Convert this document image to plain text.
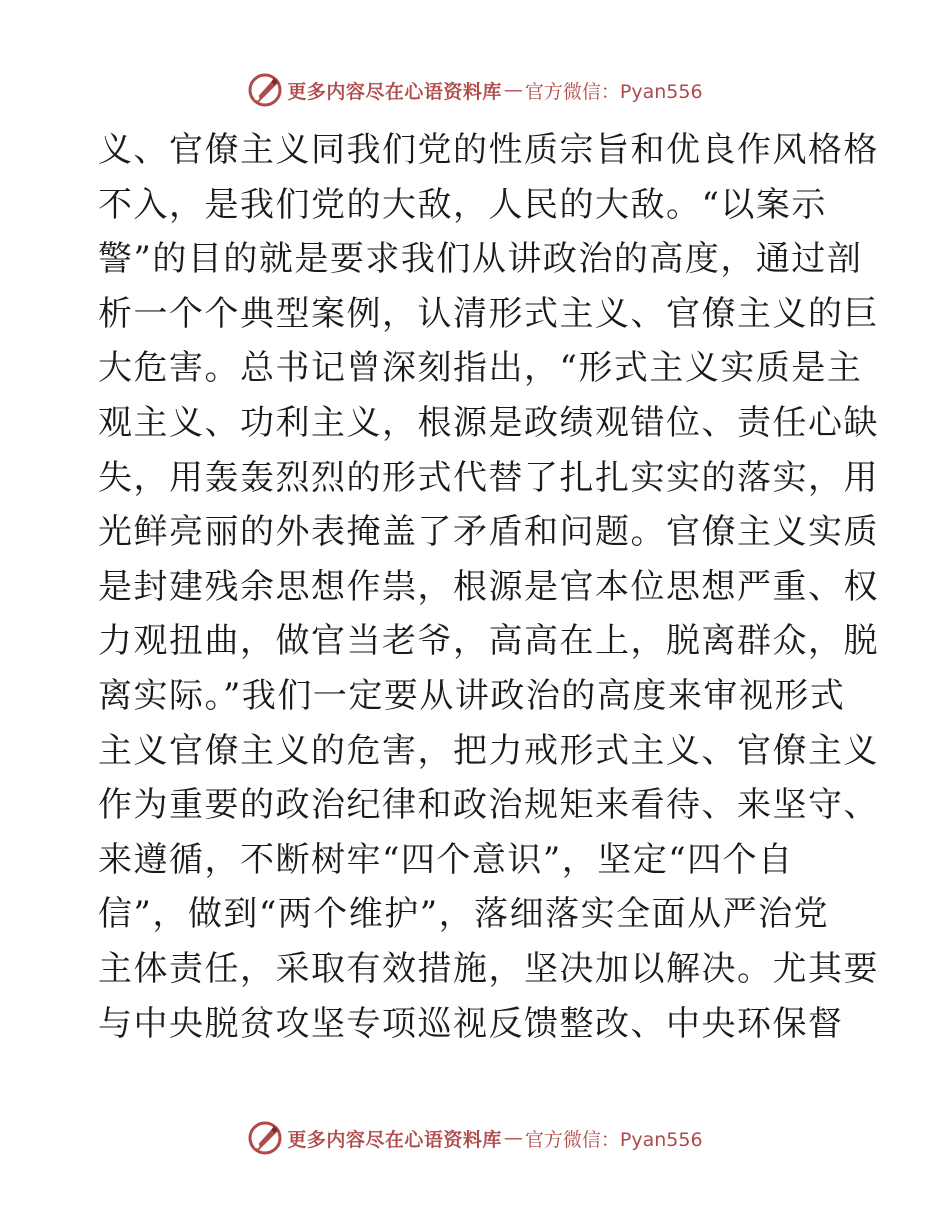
更多内容尽在心语资料库 — 官方微信：Pyan556
义、官僚主义同我们党的性质宗旨和优良作风格格
不入，是我们党的大敌，人民的大敌。“以案示
警”的目的就是要求我们从讲政治的高度，通过剖
析一个个典型案例，认清形式主义、官僚主义的巨
大危害。总书记曾深刻指出，“形式主义实质是主
观主义、功利主义，根源是政绩观错位、责任心缺
失，用轰轰烈烈的形式代替了扎扎实实的落实，用
光鲜亮丽的外表掩盖了矛盾和问题。官僚主义实质
是封建残余思想作祟，根源是官本位思想严重、权
力观扭曲，做官当老爷，高高在上，脱离群众，脱
离实际。”我们一定要从讲政治的高度来审视形式
主义官僚主义的危害，把力戒形式主义、官僚主义
作为重要的政治纪律和政治规矩来看待、来坚守、
来遵循，不断树牢“四个意识”，坚定“四个自
信”，做到“两个维护”，落细落实全面从严治党
主体责任，采取有效措施，坚决加以解决。尤其要
与中央脱贫攻坚专项巡视反馈整改、中央环保督
更多内容尽在心语资料库 — 官方微信：Pyan556
